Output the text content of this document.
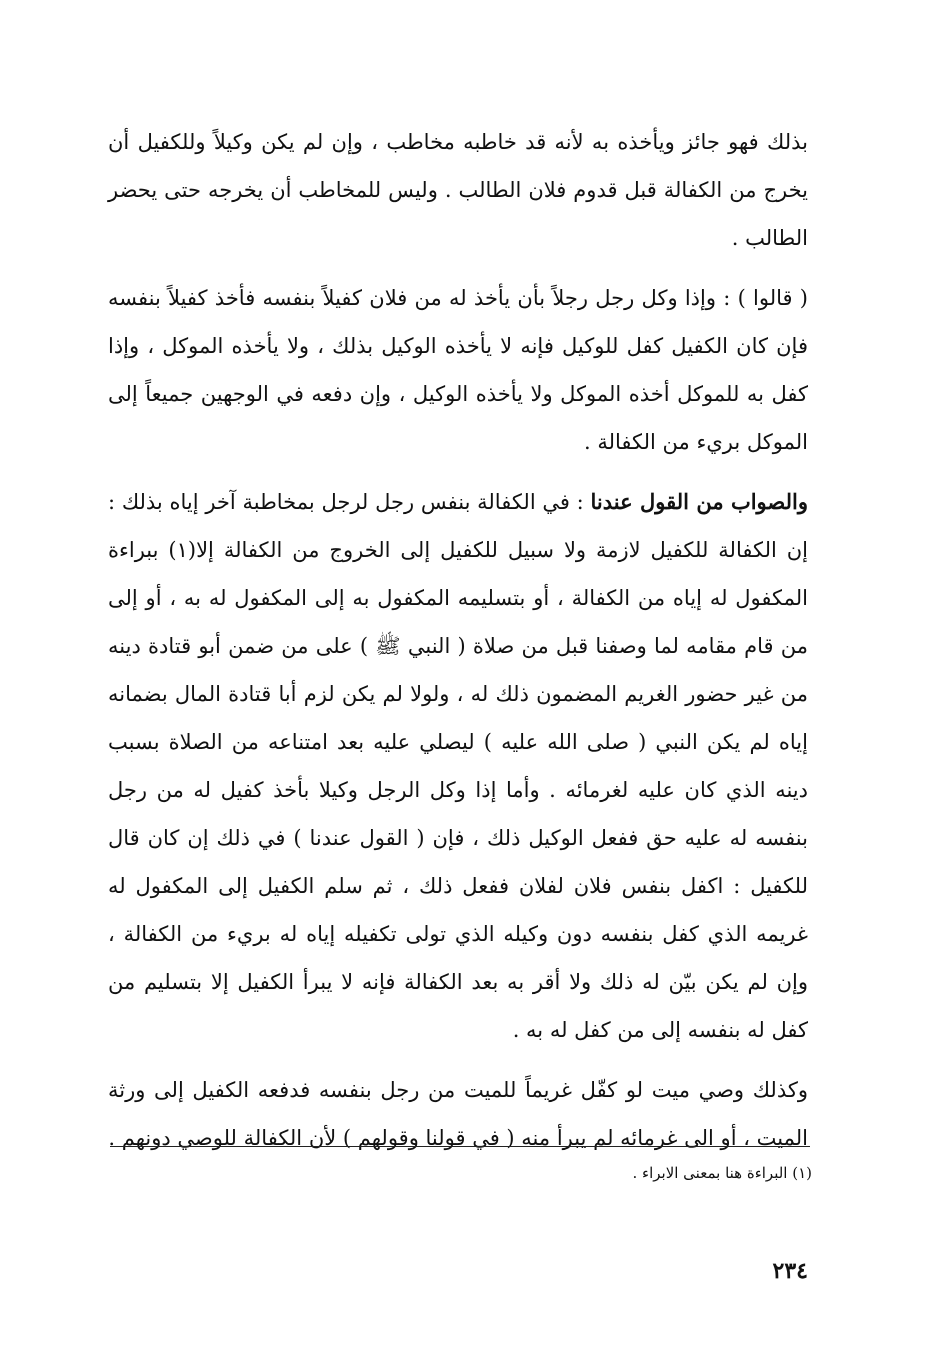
بذلك فهو جائز ويأخذه به لأنه قد خاطبه مخاطب ، وإن لم يكن وكيلاً وللكفيل أن يخرج من الكفالة قبل قدوم فلان الطالب . وليس للمخاطب أن يخرجه حتى يحضر الطالب .

( قالوا ) : وإذا وكل رجل رجلاً بأن يأخذ له من فلان كفيلاً بنفسه فأخذ كفيلاً بنفسه فإن كان الكفيل كفل للوكيل فإنه لا يأخذه الوكيل بذلك ، ولا يأخذه الموكل ، وإذا كفل به للموكل أخذه الموكل ولا يأخذه الوكيل ، وإن دفعه في الوجهين جميعاً إلى الموكل بريء من الكفالة .

والصواب من القول عندنا : في الكفالة بنفس رجل لرجل بمخاطبة آخر إياه بذلك : إن الكفالة للكفيل لازمة ولا سبيل للكفيل إلى الخروج من الكفالة إلا(١) ببراءة المكفول له إياه من الكفالة ، أو بتسليمه المكفول به إلى المكفول له به ، أو إلى من قام مقامه لما وصفنا قبل من صلاة ( النبي ﷺ ) على من ضمن أبو قتادة دينه من غير حضور الغريم المضمون ذلك له ، ولولا لم يكن لزم أبا قتادة المال بضمانه إياه لم يكن النبي ( صلى الله عليه ) ليصلي عليه بعد امتناعه من الصلاة بسبب دينه الذي كان عليه لغرمائه . وأما إذا وكل الرجل وكيلا بأخذ كفيل له من رجل بنفسه له عليه حق ففعل الوكيل ذلك ، فإن ( القول عندنا ) في ذلك إن كان قال للكفيل : اكفل بنفس فلان لفلان ففعل ذلك ، ثم سلم الكفيل إلى المكفول له غريمه الذي كفل بنفسه دون وكيله الذي تولى تكفيله إياه له بريء من الكفالة ، وإن لم يكن بيّن له ذلك ولا أقر به بعد الكفالة فإنه لا يبرأ الكفيل إلا بتسليم من كفل له بنفسه إلى من كفل له به .

وكذلك وصي ميت لو كفّل غريماً للميت من رجل بنفسه فدفعه الكفيل إلى ورثة الميت ، أو الى غرمائه لم يبرأ منه ( في قولنا وقولهم ) لأن الكفالة للوصي دونهم .

(١) البراءة هنا بمعنى الابراء .
٢٣٤
